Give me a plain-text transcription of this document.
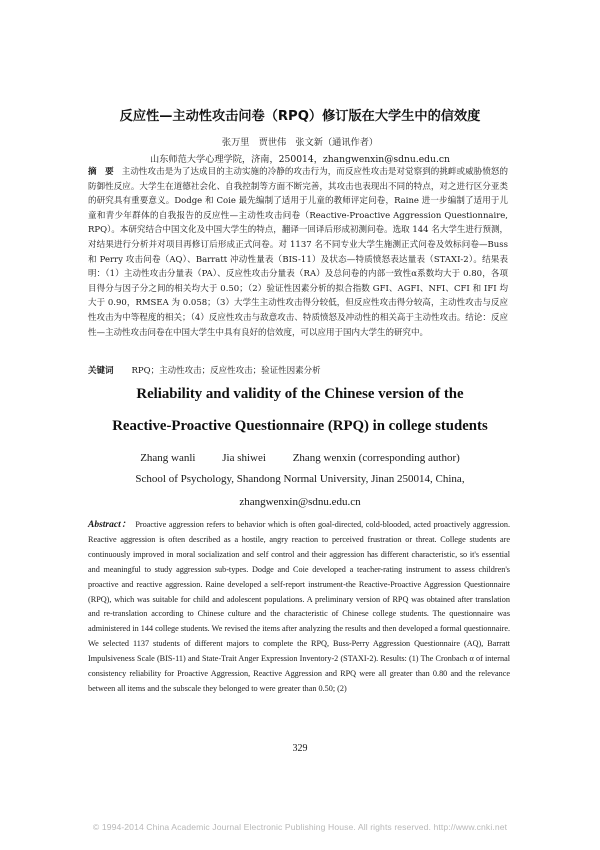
反应性—主动性攻击问卷（RPQ）修订版在大学生中的信效度
张万里　贾世伟　张文新（通讯作者）
山东师范大学心理学院，济南，250014，zhangwenxin@sdnu.edu.cn
摘　要 主动性攻击是为了达成目的主动实施的冷静的攻击行为，而反应性攻击是对觉察到的挑衅或威胁愤怒的防御性反应。大学生在道德社会化、自我控制等方面不断完善，其攻击也表现出不同的特点，对之进行区分亚类的研究具有重要意义。Dodge 和 Coie 最先编制了适用于儿童的教师评定问卷，Raine 进一步编制了适用于儿童和青少年群体的自我报告的反应性—主动性攻击问卷（Reactive-Proactive Aggression Questionnaire, RPQ）。本研究结合中国文化及中国大学生的特点，翻译一回译后形成初测问卷。选取 144 名大学生进行预测，对结果进行分析并对项目再修订后形成正式问卷。对 1137 名不同专业大学生施测正式问卷及效标问卷—Buss 和 Perry 攻击问卷（AQ）、Barratt 冲动性量表（BIS-11）及状态—特质愤怒表达量表（STAXI-2）。结果表明：（1）主动性攻击分量表（PA）、反应性攻击分量表（RA）及总问卷的内部一致性α系数均大于 0.80，各项目得分与因子分之间的相关均大于 0.50；（2）验证性因素分析的拟合指数 GFI、AGFI、NFI、CFI 和 IFI 均大于 0.90，RMSEA 为 0.058；（3）大学生主动性攻击得分较低，但反应性攻击得分较高，主动性攻击与反应性攻击为中等程度的相关；（4）反应性攻击与敌意攻击、特质愤怒及冲动性的相关高于主动性攻击。结论：反应性—主动性攻击问卷在中国大学生中具有良好的信效度，可以应用于国内大学生的研究中。
关键词 RPQ；主动性攻击；反应性攻击；验证性因素分析
Reliability and validity of the Chinese version of the
Reactive-Proactive Questionnaire (RPQ) in college students
Zhang wanli Jia shiwei Zhang wenxin (corresponding author)
School of Psychology, Shandong Normal University, Jinan 250014, China,
zhangwenxin@sdnu.edu.cn
Abstract： Proactive aggression refers to behavior which is often goal-directed, cold-blooded, acted proactively aggression. Reactive aggression is often described as a hostile, angry reaction to perceived frustration or threat. College students are continuously improved in moral socialization and self control and their aggression has different characteristic, so it's essential and meaningful to study aggression sub-types. Dodge and Coie developed a teacher-rating instrument to assess children's proactive and reactive aggression. Raine developed a self-report instrument-the Reactive-Proactive Aggression Questionnaire (RPQ), which was suitable for child and adolescent populations. A preliminary version of RPQ was obtained after translation and re-translation according to Chinese culture and the characteristic of Chinese college students. The questionnaire was administered in 144 college students. We revised the items after analyzing the results and then developed a formal questionnaire. We selected 1137 students of different majors to complete the RPQ, Buss-Perry Aggression Questionnaire (AQ), Barratt Impulsiveness Scale (BIS-11) and State-Trait Anger Expression Inventory-2 (STAXI-2). Results: (1) The Cronbach α of internal consistency reliability for Proactive Aggression, Reactive Aggression and RPQ were all greater than 0.80 and the relevance between all items and the subscale they belonged to were greater than 0.50; (2)
329
© 1994-2014 China Academic Journal Electronic Publishing House. All rights reserved. http://www.cnki.net
